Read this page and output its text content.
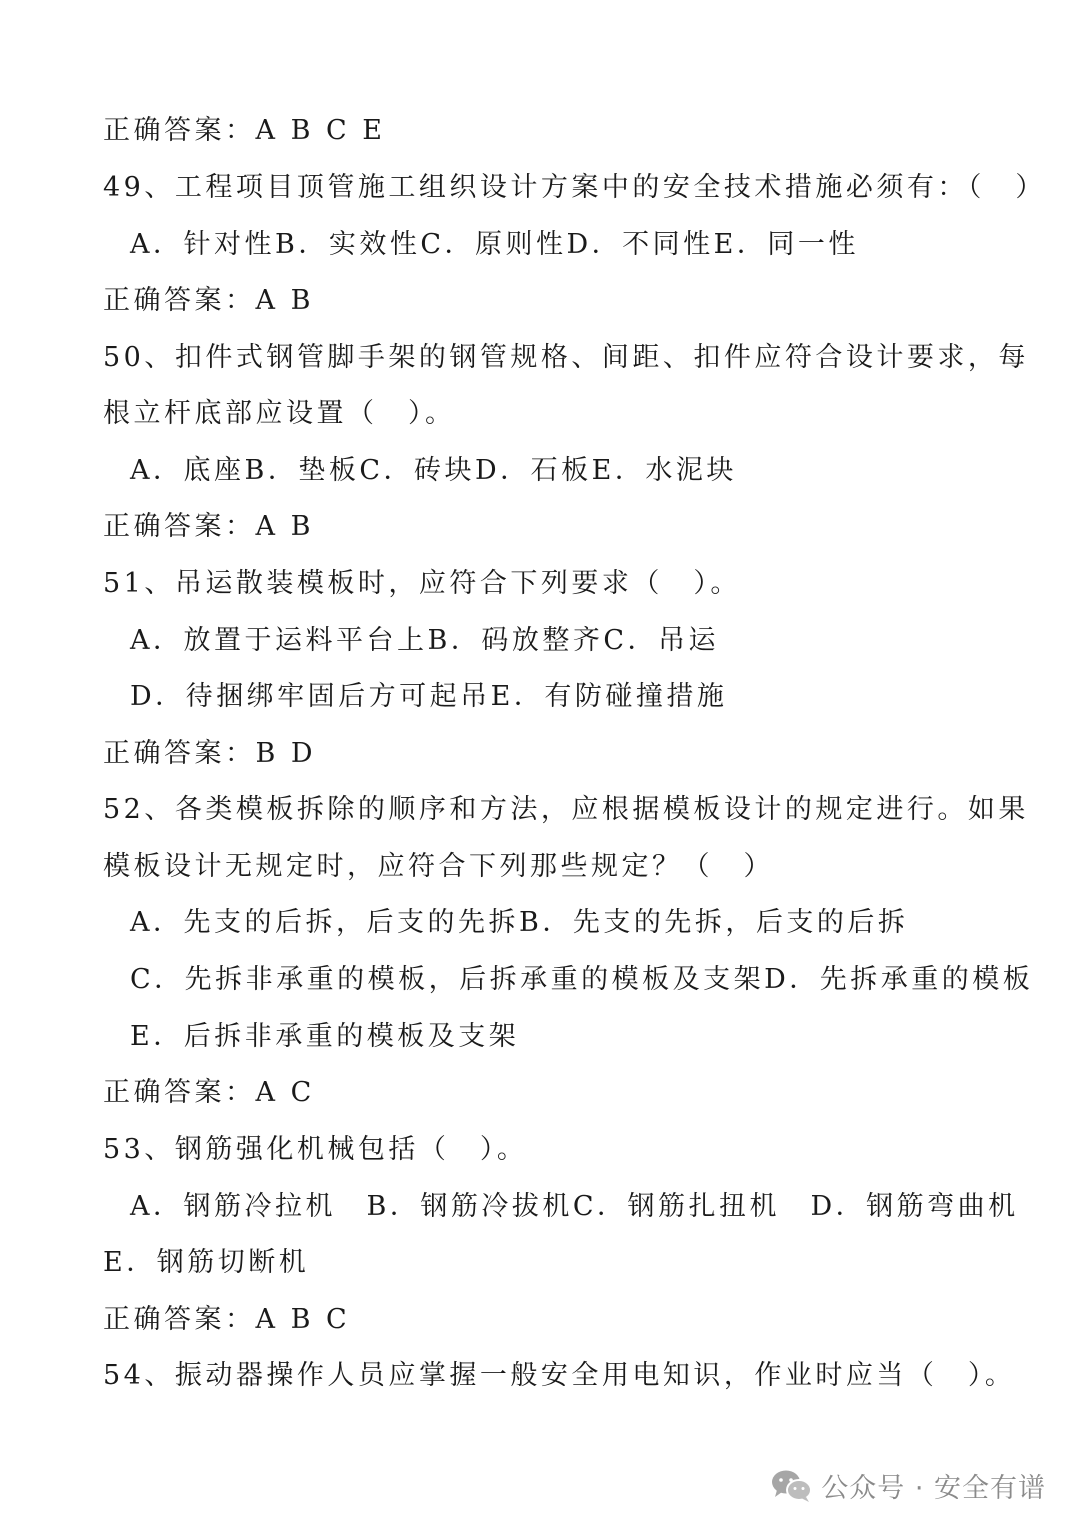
正确答案：A B C E
49、工程项目顶管施工组织设计方案中的安全技术措施必须有：（　）
A．针对性B．实效性C．原则性D．不同性E．同一性
正确答案：A B
50、扣件式钢管脚手架的钢管规格、间距、扣件应符合设计要求，每
根立杆底部应设置（　）。
A．底座B．垫板C．砖块D．石板E．水泥块
正确答案：A B
51、吊运散装模板时，应符合下列要求（　）。
A．放置于运料平台上B．码放整齐C．吊运
D．待捆绑牢固后方可起吊E．有防碰撞措施
正确答案：B D
52、各类模板拆除的顺序和方法，应根据模板设计的规定进行。如果
模板设计无规定时，应符合下列那些规定？（　）
A．先支的后拆，后支的先拆B．先支的先拆，后支的后拆
C．先拆非承重的模板，后拆承重的模板及支架D．先拆承重的模板
E．后拆非承重的模板及支架
正确答案：A C
53、钢筋强化机械包括（　）。
A．钢筋冷拉机　B．钢筋冷拔机C．钢筋扎扭机　D．钢筋弯曲机
E．钢筋切断机
正确答案：A B C
54、振动器操作人员应掌握一般安全用电知识，作业时应当（　）。
公众号 · 安全有谱
